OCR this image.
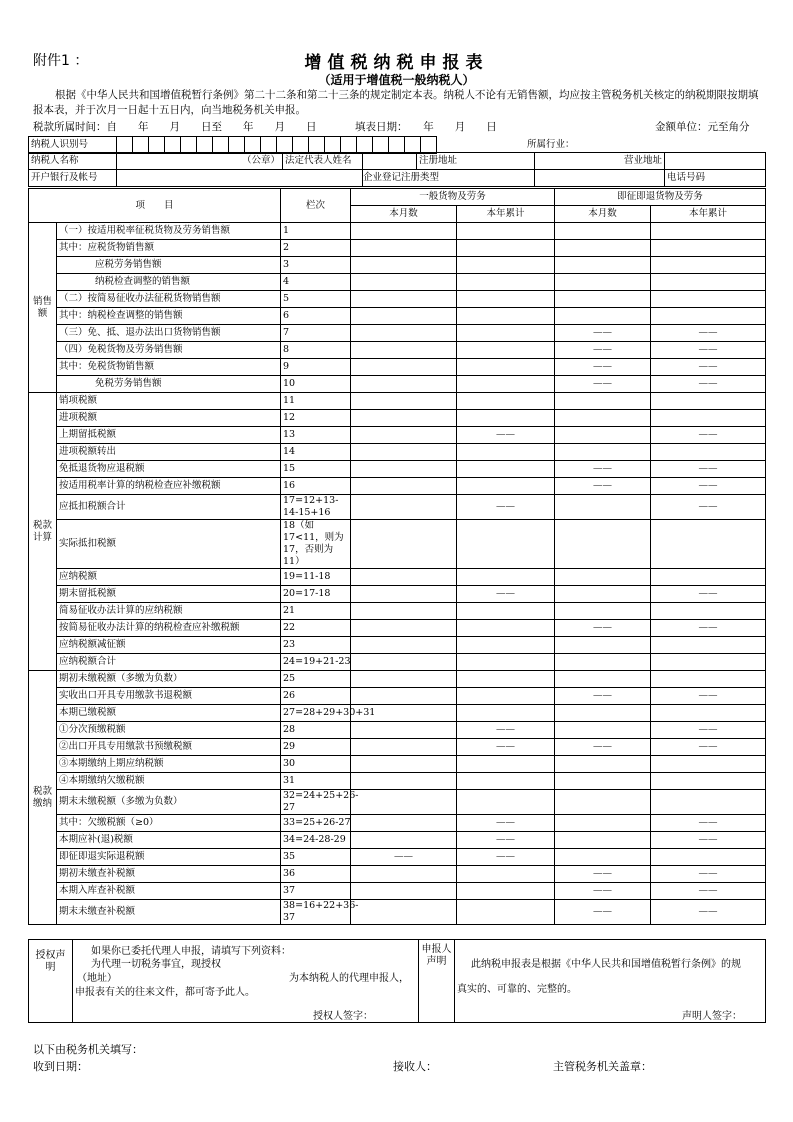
附件1 ：	增值税纳税申报表
（适用于增值税一般纳税人）
根据《中华人民共和国增值税暂行条例》第二十二条和第二十三条的规定制定本表。纳税人不论有无销售额，均应按主管税务机关核定的纳税期限按期填报本表，并于次月一日起十五日内，向当地税务机关申报。
税款所属时间：自　　年　　月　　日至　　年　　月　　日	填表日期：　　年　　月　　日	金额单位：元至角分
纳税人识别号																					所属行业：
纳税人名称	（公章）	法定代表人姓名		注册地址	营业地址	
开户银行及帐号			企业登记注册类型			电话号码
项　　目		栏次	一般货物及劳务		即征即退货物及劳务	
			本月数	本年累计	本月数	本年累计
销售额	（一）按适用税率征税货物及劳务销售额	1				
	其中：应税货物销售额	2				
	应税劳务销售额	3				
	纳税检查调整的销售额	4				
	（二）按简易征收办法征税货物销售额	5				
	其中：纳税检查调整的销售额	6				
	（三）免、抵、退办法出口货物销售额	7			——	——
	（四）免税货物及劳务销售额	8			——	——
	其中：免税货物销售额	9			——	——
	免税劳务销售额	10			——	——
税款计算	销项税额	11				
	进项税额	12				
	上期留抵税额	13		——		——
	进项税额转出	14				
	免抵退货物应退税额	15			——	——
	按适用税率计算的纳税检查应补缴税额	16			——	——
	应抵扣税额合计	17=12+13-14-15+16		——		——
	实际抵扣税额	18（如17<11，则为17，否则为11）				
	应纳税额	19=11-18				
	期末留抵税额	20=17-18		——		——
	简易征收办法计算的应纳税额	21				
	按简易征收办法计算的纳税检查应补缴税额	22			——	——
	应纳税额减征额	23				
	应纳税额合计	24=19+21-23				
税款缴纳	期初未缴税额（多缴为负数）	25				
	实收出口开具专用缴款书退税额	26			——	——
	本期已缴税额	27=28+29+30+31				
	①分次预缴税额	28		——		——
	②出口开具专用缴款书预缴税额	29		——	——	——
	③本期缴纳上期应纳税额	30				
	④本期缴纳欠缴税额	31				
	期末未缴税额（多缴为负数）	32=24+25+26-27				
	其中：欠缴税额（≥0）	33=25+26-27		——		——
	本期应补(退)税额	34=24-28-29		——		——
	即征即退实际退税额	35	——	——		
	期初未缴查补税额	36			——	——
	本期入库查补税额	37			——	——
	期末未缴查补税额	38=16+22+36-37			——	——
授权声明	
如果你已委托代理人申报，请填写下列资料：
为代理一切税务事宜，现授权
（地址）	为本纳税人的代理申报人，
申报表有关的往来文件，都可寄予此人。
授权人签字：
	申报人声明	此纳税申报表是根据《中华人民共和国增值税暂行条例》的规
真实的、可靠的、完整的。
声明人签字：
以下由税务机关填写：
收到日期：	接收人：	主管税务机关盖章：
